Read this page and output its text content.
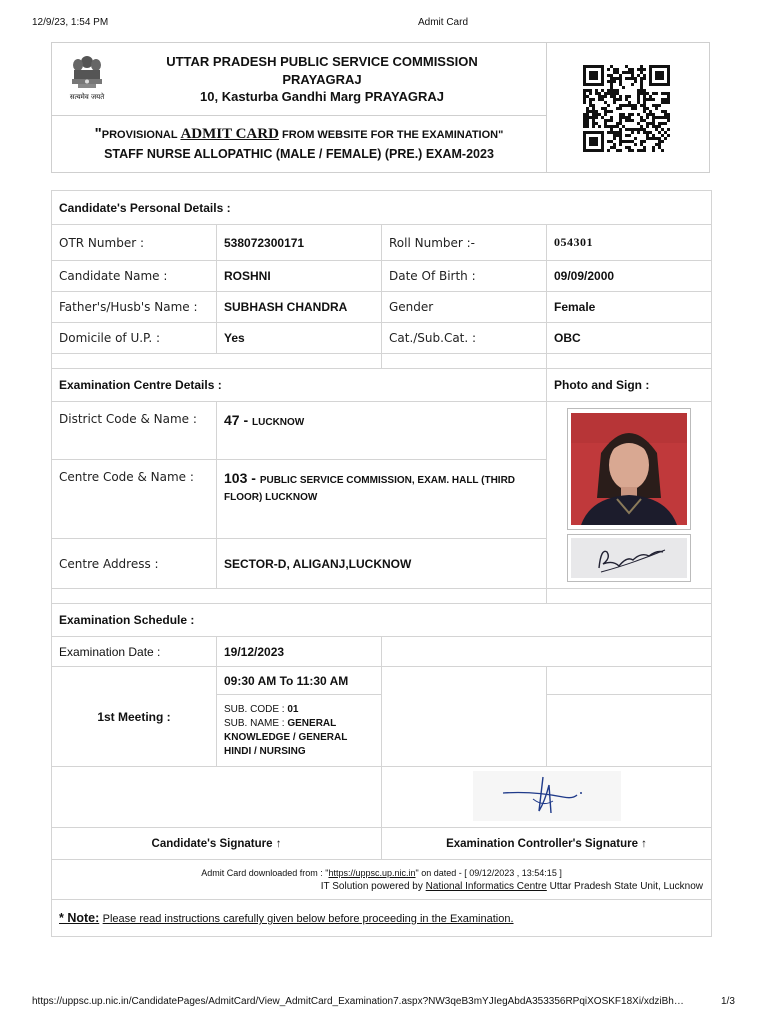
12/9/23, 1:54 PM	Admit Card
सत्यमेव जयते
UTTAR PRADESH PUBLIC SERVICE COMMISSION
PRAYAGRAJ
10, Kasturba Gandhi Marg PRAYAGRAJ
"PROVISIONAL ADMIT CARD FROM WEBSITE FOR THE EXAMINATION"
STAFF NURSE ALLOPATHIC (MALE / FEMALE) (PRE.) EXAM-2023
Candidate's Personal Details :			
OTR Number :	538072300171	Roll Number :-	054301
Candidate Name :	ROSHNI	Date Of Birth :	09/09/2000
Father's/Husb's Name :	SUBHASH CHANDRA	Gender	Female
Domicile of U.P. :	Yes	Cat./Sub.Cat. :	OBC

Examination Centre Details :			Photo and Sign :
District Code & Name :	47 - LUCKNOW	

Centre Code & Name :	103 - PUBLIC SERVICE COMMISSION, EXAM. HALL (THIRD FLOOR) LUCKNOW		
Centre Address :	SECTOR-D, ALIGANJ,LUCKNOW		

Examination Schedule :			
Examination Date :	19/12/2023		
1st Meeting :	09:30 AM To 11:30 AM		

	SUB. CODE : 01
SUB. NAME : GENERAL KNOWLEDGE / GENERAL HINDI / NURSING		

Candidate's Signature ↑		Examination Controller's Signature ↑	

Admit Card downloaded from : "https://uppsc.up.nic.in" on dated - [ 09/12/2023 , 13:54:15 ]
IT Solution powered by National Informatics Centre Uttar Pradesh State Unit, Lucknow			

* Note: Please read instructions carefully given below before proceeding in the Examination.			
https://uppsc.up.nic.in/CandidatePages/AdmitCard/View_AdmitCard_Examination7.aspx?NW3qeB3mYJIegAbdA353356RPqiXOSKF18Xi/xdziBh…	1/3
